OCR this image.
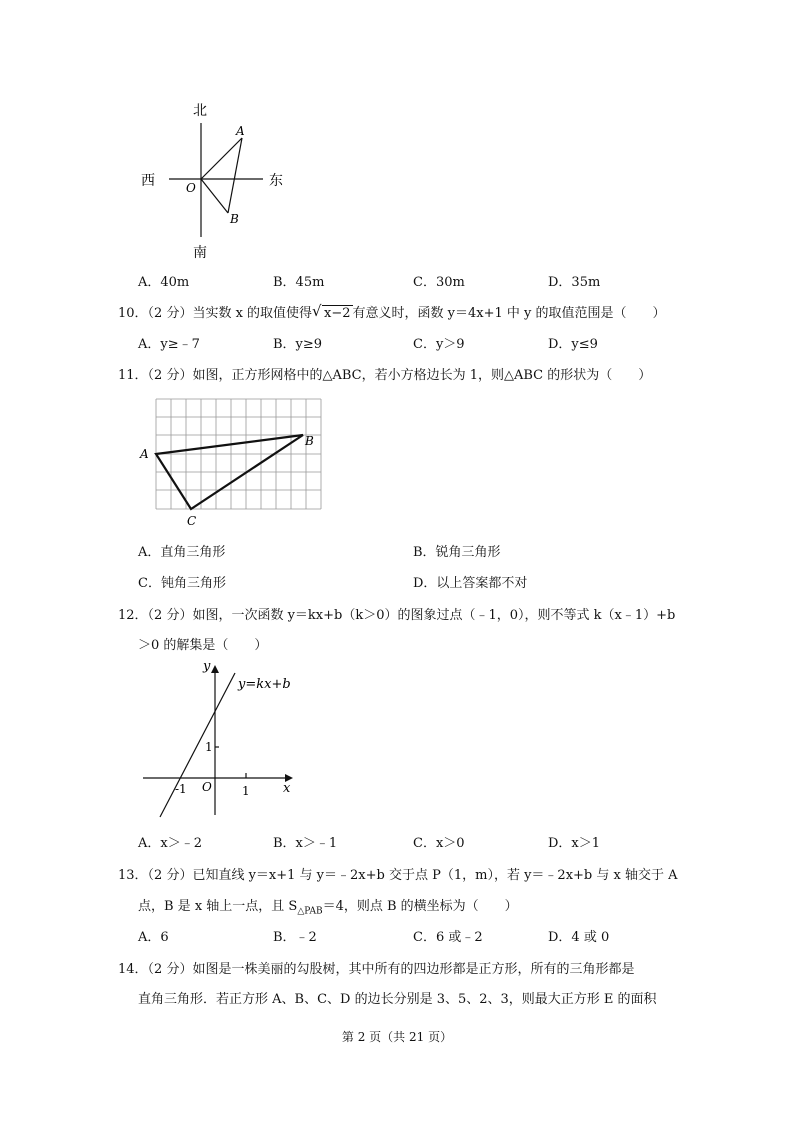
北
南
西	东
O
A
B
A．40m	B．45m	C．30m	D．35m
10．（2 分）当实数 x 的取值使得 √ x−2 有意义时，函数 y＝4x+1 中 y 的取值范围是（　　）
A．y≥﹣7	B．y≥9	C．y＞9	D．y≤9
11．（2 分）如图，正方形网格中的△ABC，若小方格边长为 1，则△ABC 的形状为（　　）
A
B
C
A．直角三角形	B．锐角三角形
C．钝角三角形	D．以上答案都不对
12．（2 分）如图，一次函数 y＝kx+b（k＞0）的图象过点（﹣1，0），则不等式 k（x﹣1）+b
＞0 的解集是（　　）
y=kx+b
y
x
O
-1	1
1
A．x＞﹣2	B．x＞﹣1	C．x＞0	D．x＞1
13．（2 分）已知直线 y＝x+1 与 y＝﹣2x+b 交于点 P（1，m），若 y＝﹣2x+b 与 x 轴交于 A
点，B 是 x 轴上一点，且 $S_{\triangle PAB}=4$，则点 B 的横坐标为（　　）
A．6	B．﹣2	C．6 或﹣2	D．4 或 0
14．（2 分）如图是一株美丽的勾股树，其中所有的四边形都是正方形，所有的三角形都是
直角三角形．若正方形 A、B、C、D 的边长分别是 3、5、2、3，则最大正方形 E 的面积
第 2 页（共 21 页）
